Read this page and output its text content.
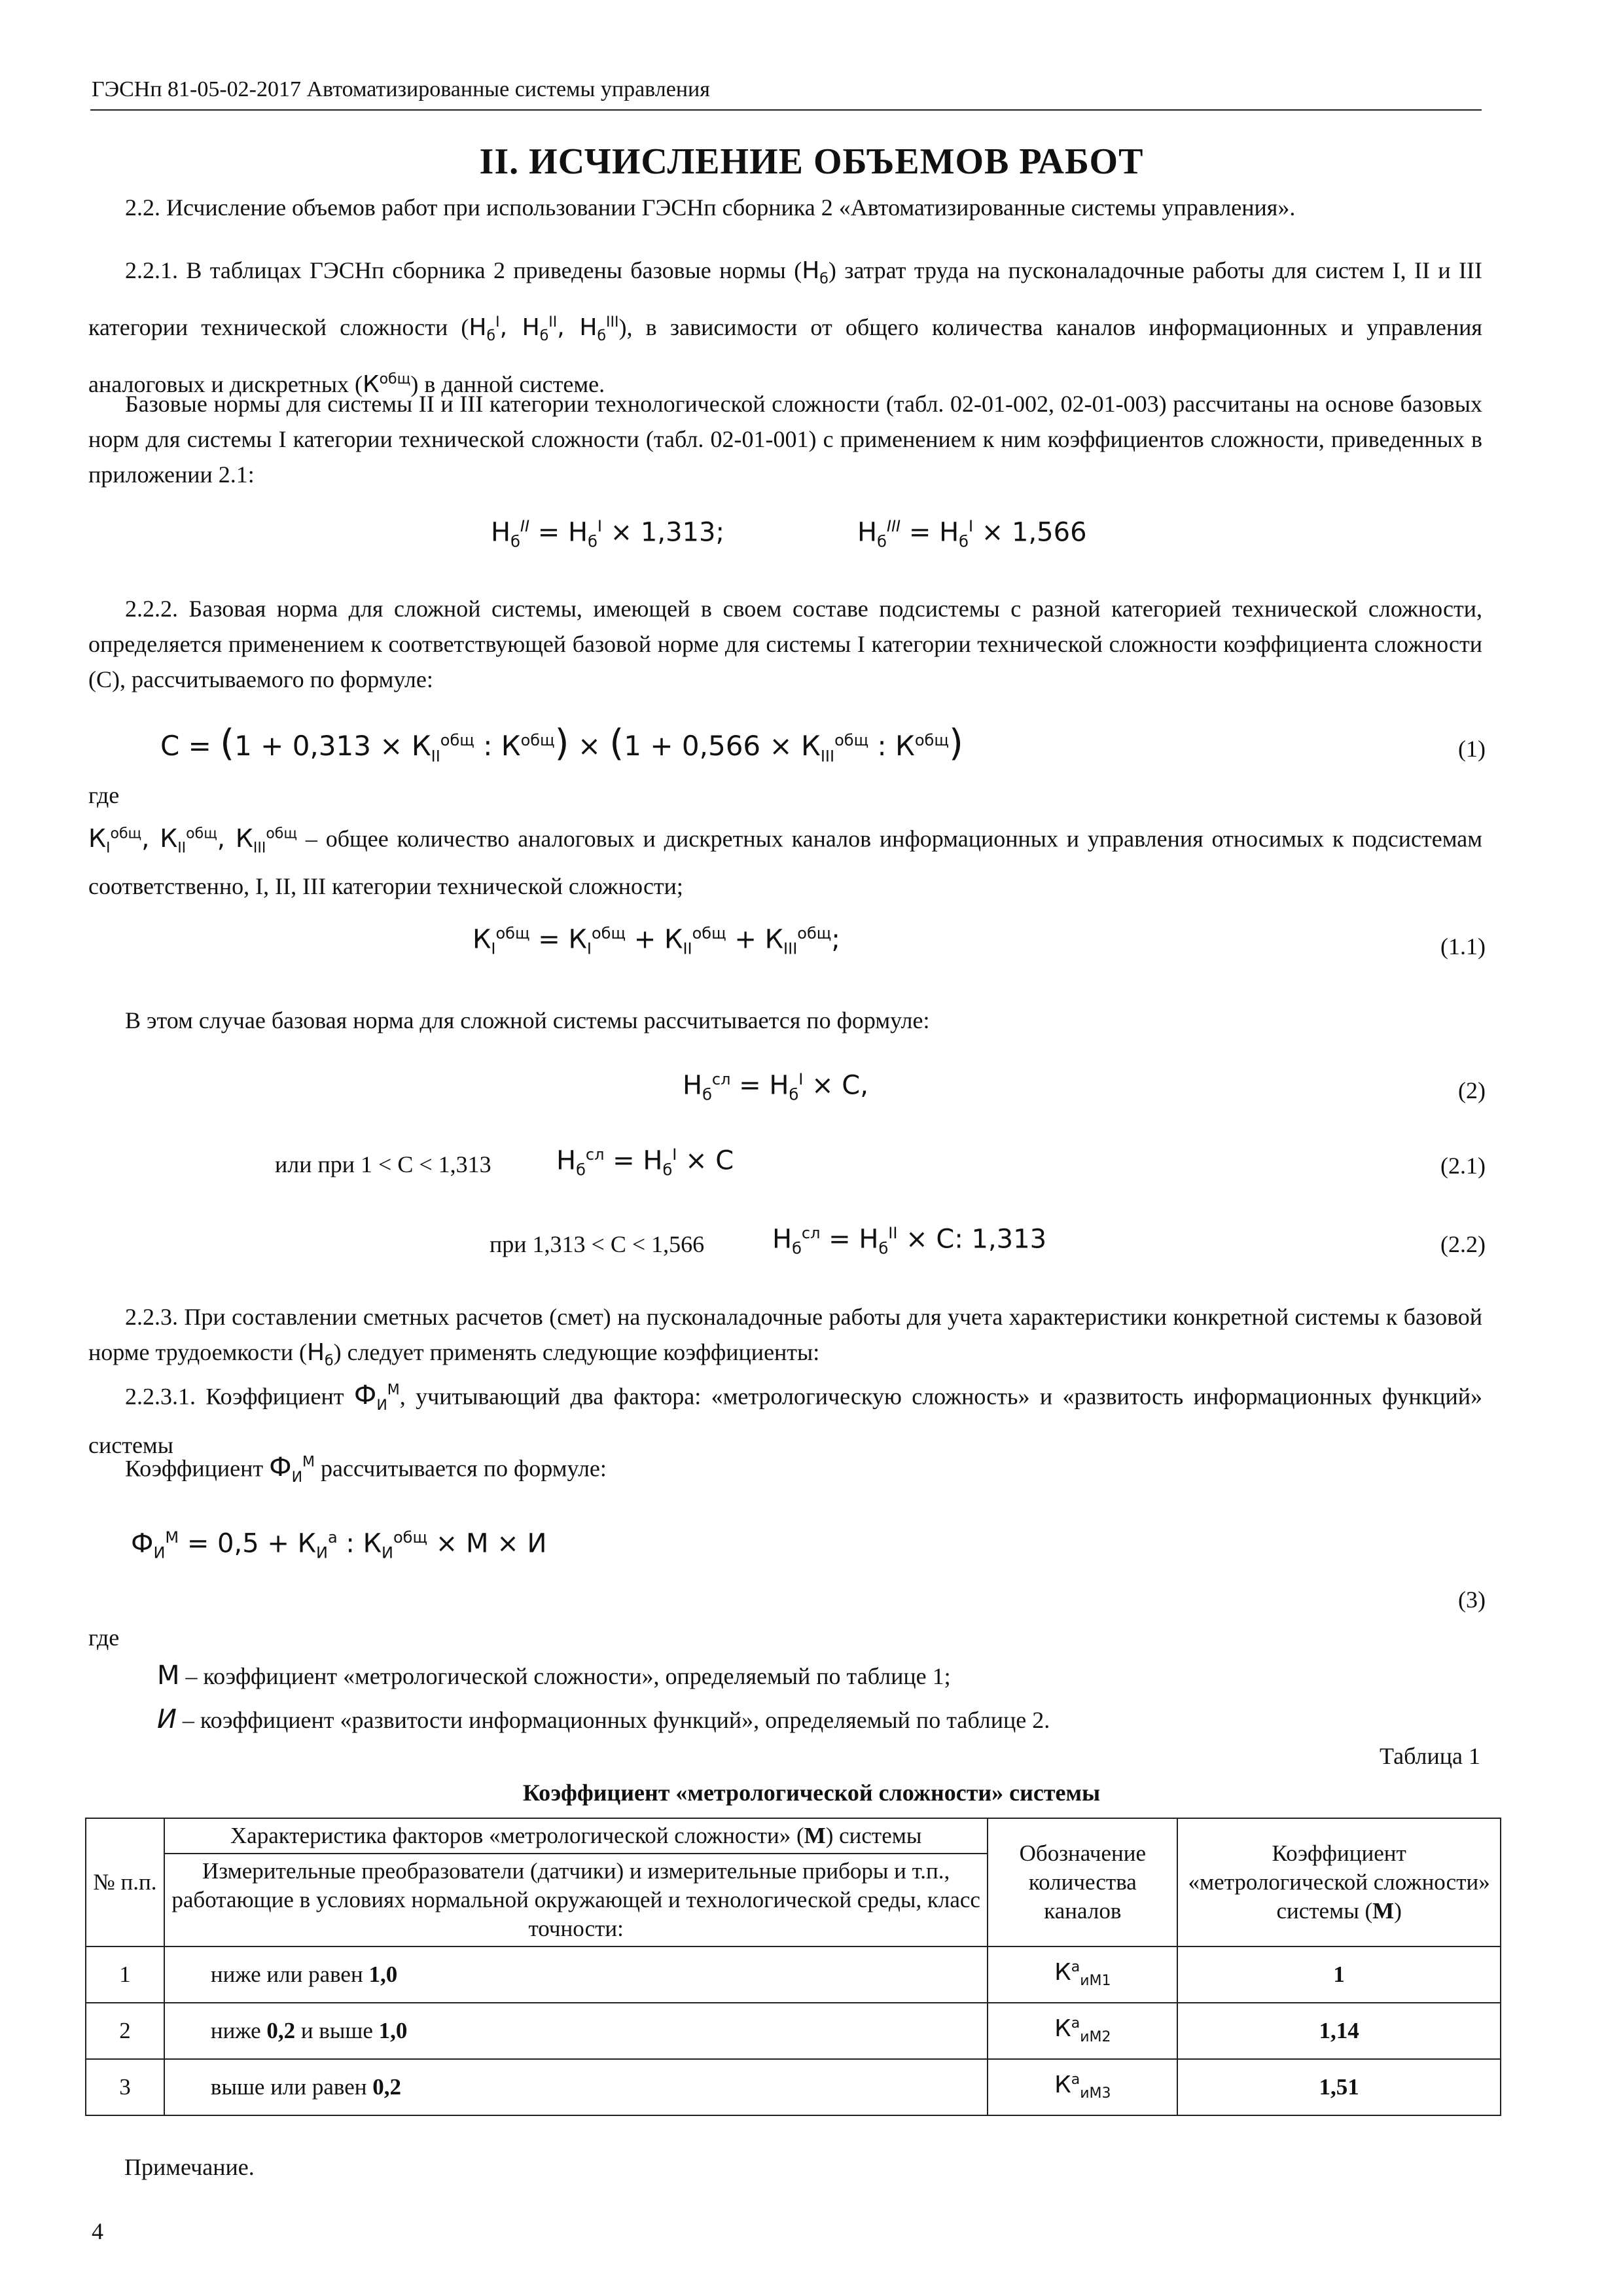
ГЭСНп 81-05-02-2017 Автоматизированные системы управления
II. ИСЧИСЛЕНИЕ ОБЪЕМОВ РАБОТ
2.2. Исчисление объемов работ при использовании ГЭСНп сборника 2 «Автоматизированные системы управления».
2.2.1. В таблицах ГЭСНп сборника 2 приведены базовые нормы $(Н_б)$ затрат труда на пусконаладочные работы для систем I, II и III категории технической сложности ($Н_б^I$, $Н_б^{II}$, $Н_б^{III}$), в зависимости от общего количества каналов информационных и управления аналоговых и дискретных $(К^{общ})$ в данной системе.
Базовые нормы для системы II и III категории технологической сложности (табл. 02-01-002, 02-01-003) рассчитаны на основе базовых норм для системы I категории технической сложности (табл. 02-01-001) с применением к ним коэффициентов сложности, приведенных в приложении 2.1:
$Н_б^{II} = Н_б^I \times 1,313$;	$Н_б^{III} = Н_б^I \times 1,566$
2.2.2. Базовая норма для сложной системы, имеющей в своем составе подсистемы с разной категорией технической сложности, определяется применением к соответствующей базовой норме для системы I категории технической сложности коэффициента сложности (С), рассчитываемого по формуле:
$С = (1 + 0,313 \times К_{II}^{общ}$ : $К^{общ}) \times (1 + 0,566 \times К_{III}^{общ}$ : $К^{общ}$)	(1)
где
$К_I^{общ}$, $К_{II}^{общ}$, $К_{III}^{общ}$ – общее количество аналоговых и дискретных каналов информационных и управления относимых к подсистемам соответственно, I, II, III категории технической сложности;
$К_I^{общ} = К_I^{общ} + К_{II}^{общ} + К_{III}^{общ}$;	(1.1)
В этом случае базовая норма для сложной системы рассчитывается по формуле:
$Н_б^{сл} = Н_б^I \times С$,	(2)
или при 1 < С < 1,313 $Н_б^{сл} = Н_б^I \times С$	(2.1)
при 1,313 < С < 1,566	$Н_б^{сл} = Н_б^{II} \times С$: 1,313	(2.2)
2.2.3. При составлении сметных расчетов (смет) на пусконаладочные работы для учета характеристики конкретной системы к базовой норме трудоемкости $(Н_б)$ следует применять следующие коэффициенты:
2.2.3.1. Коэффициент $Ф_И^М$, учитывающий два фактора: «метрологическую сложность» и «развитость информационных функций» системы
Коэффициент $Ф_И^М$ рассчитывается по формуле:
$Ф_И^М = 0,5 + К_И^а$ : $К_И^{общ} \times М \times И$
(3)
где
М – коэффициент «метрологической сложности», определяемый по таблице 1;
И – коэффициент «развитости информационных функций», определяемый по таблице 2.
Таблица 1
Коэффициент «метрологической сложности» системы
№ п.п.	Характеристика факторов «метрологической сложности» (М) системы	Обозначение количества каналов	Коэффициент «метрологической сложности» системы (М)
	Измерительные преобразователи (датчики) и измерительные приборы и т.п., работающие в условиях нормальной окружающей и технологической среды, класс точности:		
1	ниже или равен 1,0	$К^а_{иМ1}$	1
2	ниже 0,2 и выше 1,0	$К^а_{иМ2}$	1,14
3	выше или равен 0,2	$К^а_{иМ3}$	1,51
Примечание.
4
